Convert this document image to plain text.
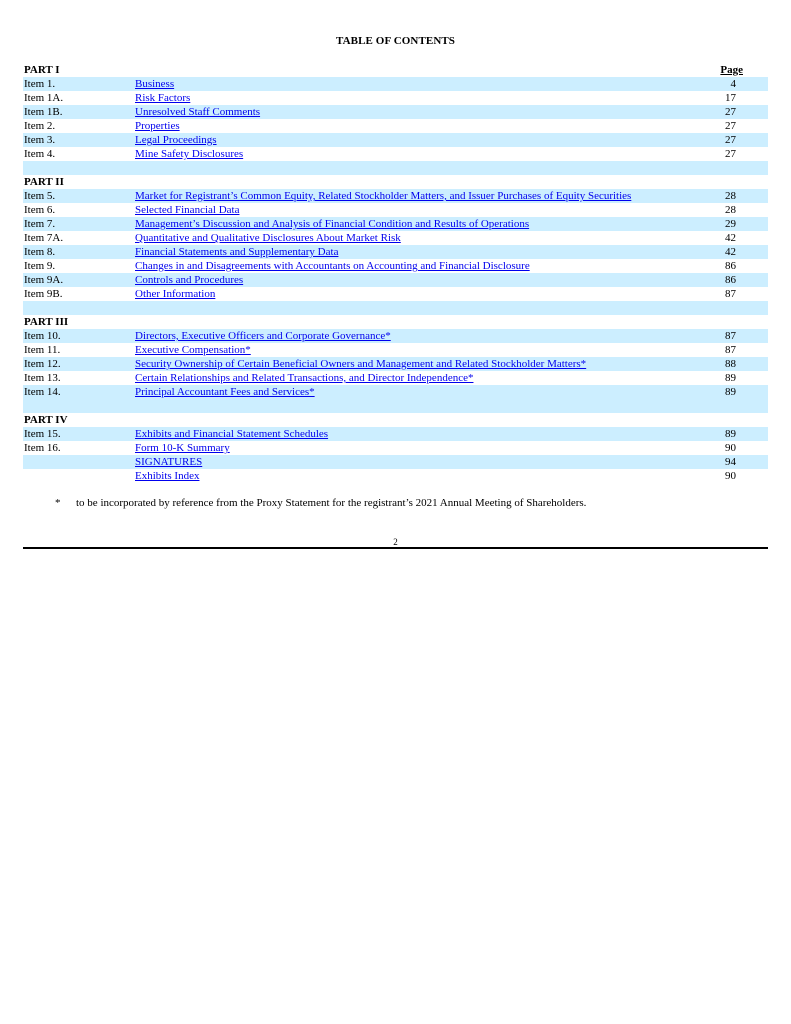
TABLE OF CONTENTS
PART I	Page
Item 1.	Business	4
Item 1A.	Risk Factors	17
Item 1B.	Unresolved Staff Comments	27
Item 2.	Properties	27
Item 3.	Legal Proceedings	27
Item 4.	Mine Safety Disclosures	27
PART II
Item 5.	Market for Registrant’s Common Equity, Related Stockholder Matters, and Issuer Purchases of Equity Securities	28
Item 6.	Selected Financial Data	28
Item 7.	Management’s Discussion and Analysis of Financial Condition and Results of Operations	29
Item 7A.	Quantitative and Qualitative Disclosures About Market Risk	42
Item 8.	Financial Statements and Supplementary Data	42
Item 9.	Changes in and Disagreements with Accountants on Accounting and Financial Disclosure	86
Item 9A.	Controls and Procedures	86
Item 9B.	Other Information	87
PART III
Item 10.	Directors, Executive Officers and Corporate Governance*	87
Item 11.	Executive Compensation*	87
Item 12.	Security Ownership of Certain Beneficial Owners and Management and Related Stockholder Matters*	88
Item 13.	Certain Relationships and Related Transactions, and Director Independence*	89
Item 14.	Principal Accountant Fees and Services*	89
PART IV
Item 15.	Exhibits and Financial Statement Schedules	89
Item 16.	Form 10-K Summary	90
SIGNATURES	94
Exhibits Index	90
* to be incorporated by reference from the Proxy Statement for the registrant’s 2021 Annual Meeting of Shareholders.
2
